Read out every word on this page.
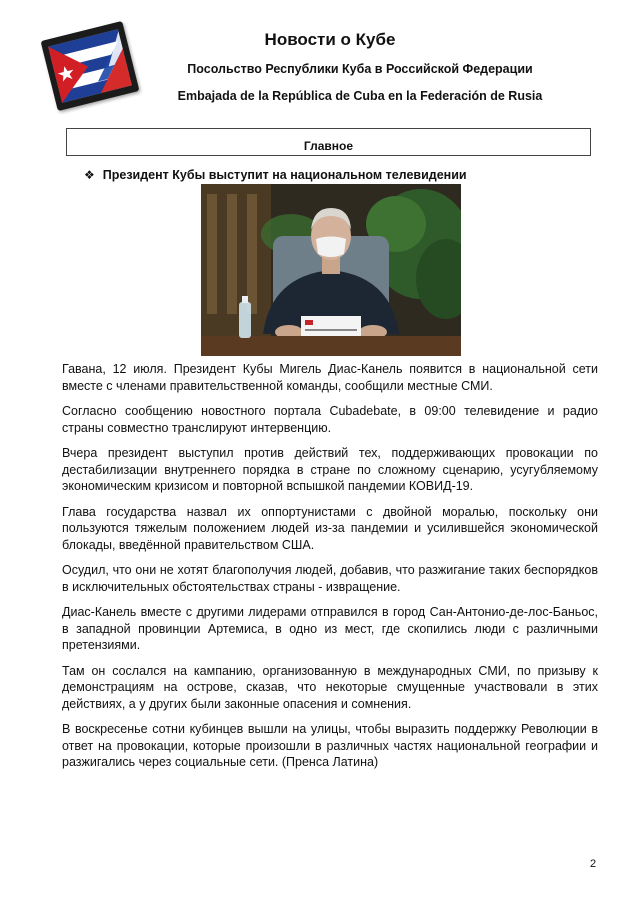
Новости о Кубе
Посольство Республики Куба в Российской Федерации
Embajada de la República de Cuba en la Federación de Rusia
Главное
❖ Президент Кубы выступит на национальном телевидении

Гавана, 12 июля. Президент Кубы Мигель Диас-Канель появится в национальной сети вместе с членами правительственной команды, сообщили местные СМИ.

Согласно сообщению новостного портала Cubadebate, в 09:00 телевидение и радио страны совместно транслируют интервенцию.

Вчера президент выступил против действий тех, поддерживающих провокации по дестабилизации внутреннего порядка в стране по сложному сценарию, усугубляемому экономическим кризисом и повторной вспышкой пандемии КОВИД-19.

Глава государства назвал их оппортунистами с двойной моралью, поскольку они пользуются тяжелым положением людей из-за пандемии и усилившейся экономической блокады, введённой правительством США.

Осудил, что они не хотят благополучия людей, добавив, что разжигание таких беспорядков в исключительных обстоятельствах страны - извращение.

Диас-Канель вместе с другими лидерами отправился в город Сан-Антонио-де-лос-Баньос, в западной провинции Артемиса, в одно из мест, где скопились люди с различными претензиями.

Там он сослался на кампанию, организованную в международных СМИ, по призыву к демонстрациям на острове, сказав, что некоторые смущенные участвовали в этих действиях, а у других были законные опасения и сомнения.

В воскресенье сотни кубинцев вышли на улицы, чтобы выразить поддержку Революции в ответ на провокации, которые произошли в различных частях национальной географии и разжигались через социальные сети. (Пренса Латина)

2
